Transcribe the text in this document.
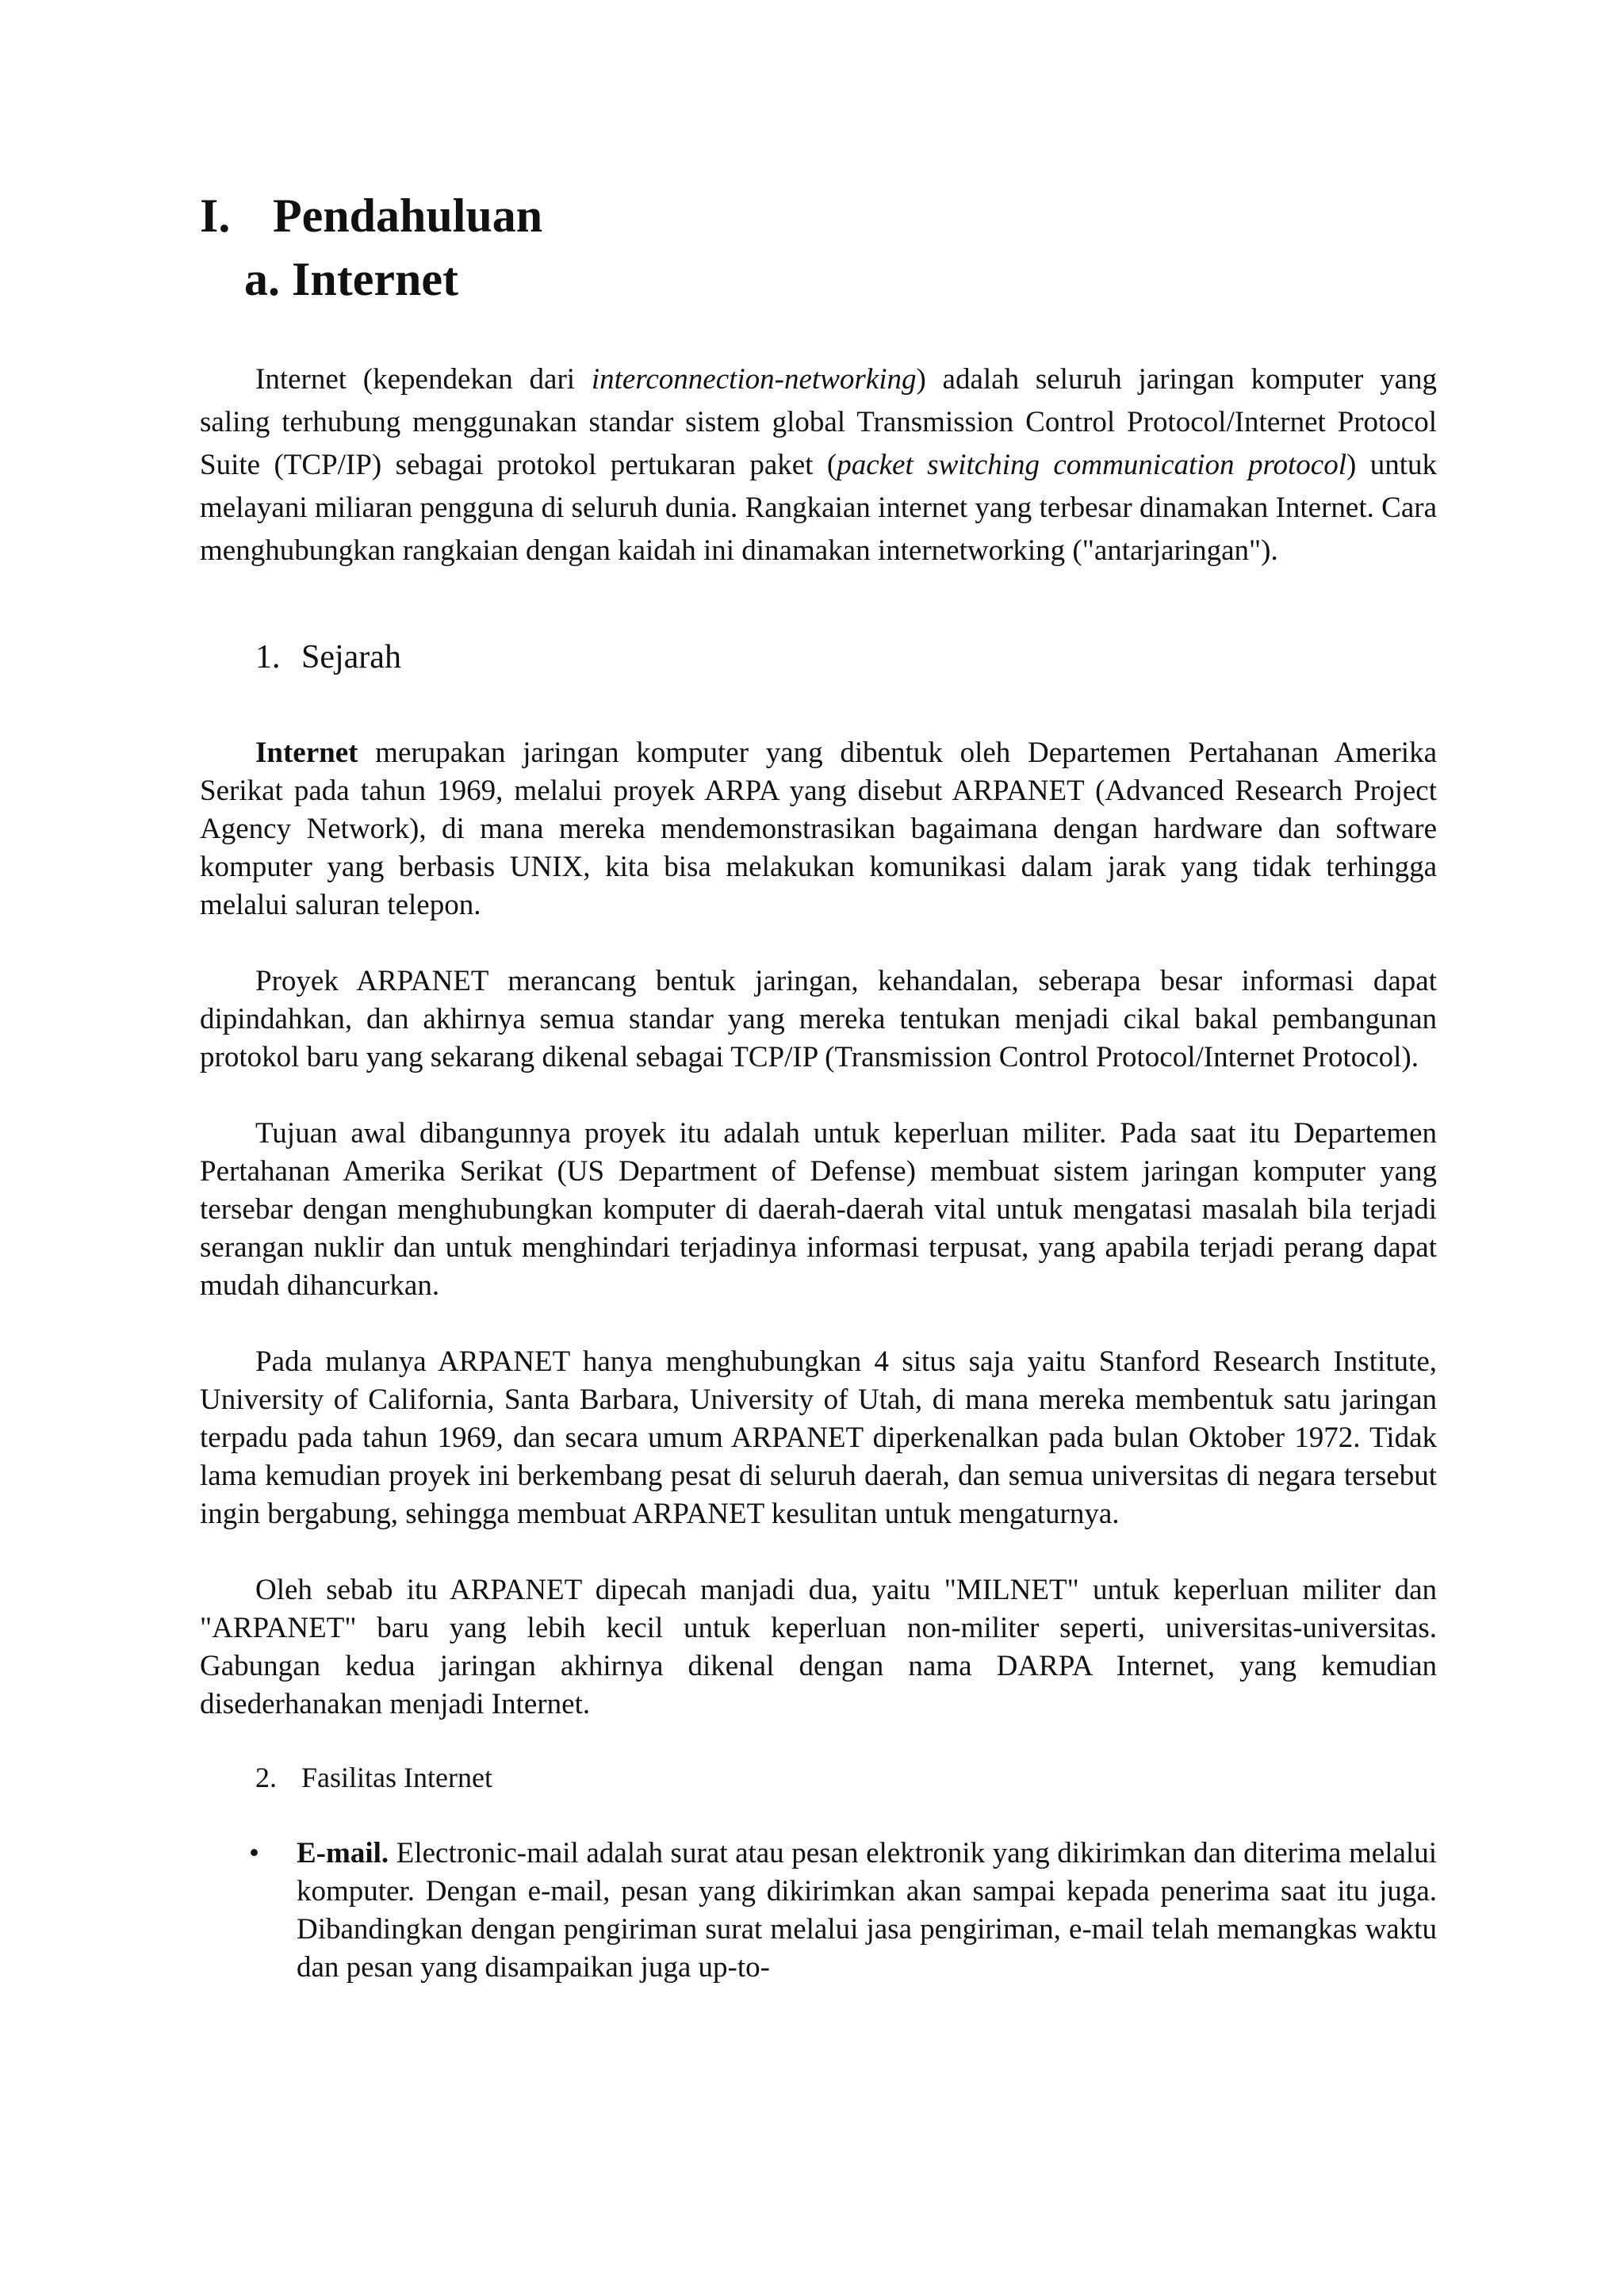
I. Pendahuluan
a. Internet

Internet (kependekan dari interconnection-networking) adalah seluruh jaringan komputer yang saling terhubung menggunakan standar sistem global Transmission Control Protocol/Internet Protocol Suite (TCP/IP) sebagai protokol pertukaran paket (packet switching communication protocol) untuk melayani miliaran pengguna di seluruh dunia. Rangkaian internet yang terbesar dinamakan Internet. Cara menghubungkan rangkaian dengan kaidah ini dinamakan internetworking ("antarjaringan").

1. Sejarah

Internet merupakan jaringan komputer yang dibentuk oleh Departemen Pertahanan Amerika Serikat pada tahun 1969, melalui proyek ARPA yang disebut ARPANET (Advanced Research Project Agency Network), di mana mereka mendemonstrasikan bagaimana dengan hardware dan software komputer yang berbasis UNIX, kita bisa melakukan komunikasi dalam jarak yang tidak terhingga melalui saluran telepon.

Proyek ARPANET merancang bentuk jaringan, kehandalan, seberapa besar informasi dapat dipindahkan, dan akhirnya semua standar yang mereka tentukan menjadi cikal bakal pembangunan protokol baru yang sekarang dikenal sebagai TCP/IP (Transmission Control Protocol/Internet Protocol).

Tujuan awal dibangunnya proyek itu adalah untuk keperluan militer. Pada saat itu Departemen Pertahanan Amerika Serikat (US Department of Defense) membuat sistem jaringan komputer yang tersebar dengan menghubungkan komputer di daerah-daerah vital untuk mengatasi masalah bila terjadi serangan nuklir dan untuk menghindari terjadinya informasi terpusat, yang apabila terjadi perang dapat mudah dihancurkan.

Pada mulanya ARPANET hanya menghubungkan 4 situs saja yaitu Stanford Research Institute, University of California, Santa Barbara, University of Utah, di mana mereka membentuk satu jaringan terpadu pada tahun 1969, dan secara umum ARPANET diperkenalkan pada bulan Oktober 1972. Tidak lama kemudian proyek ini berkembang pesat di seluruh daerah, dan semua universitas di negara tersebut ingin bergabung, sehingga membuat ARPANET kesulitan untuk mengaturnya.

Oleh sebab itu ARPANET dipecah manjadi dua, yaitu "MILNET" untuk keperluan militer dan "ARPANET" baru yang lebih kecil untuk keperluan non-militer seperti, universitas-universitas. Gabungan kedua jaringan akhirnya dikenal dengan nama DARPA Internet, yang kemudian disederhanakan menjadi Internet.

2. Fasilitas Internet
• E-mail. Electronic-mail adalah surat atau pesan elektronik yang dikirimkan dan diterima melalui komputer. Dengan e-mail, pesan yang dikirimkan akan sampai kepada penerima saat itu juga. Dibandingkan dengan pengiriman surat melalui jasa pengiriman, e-mail telah memangkas waktu dan pesan yang disampaikan juga up-to-
